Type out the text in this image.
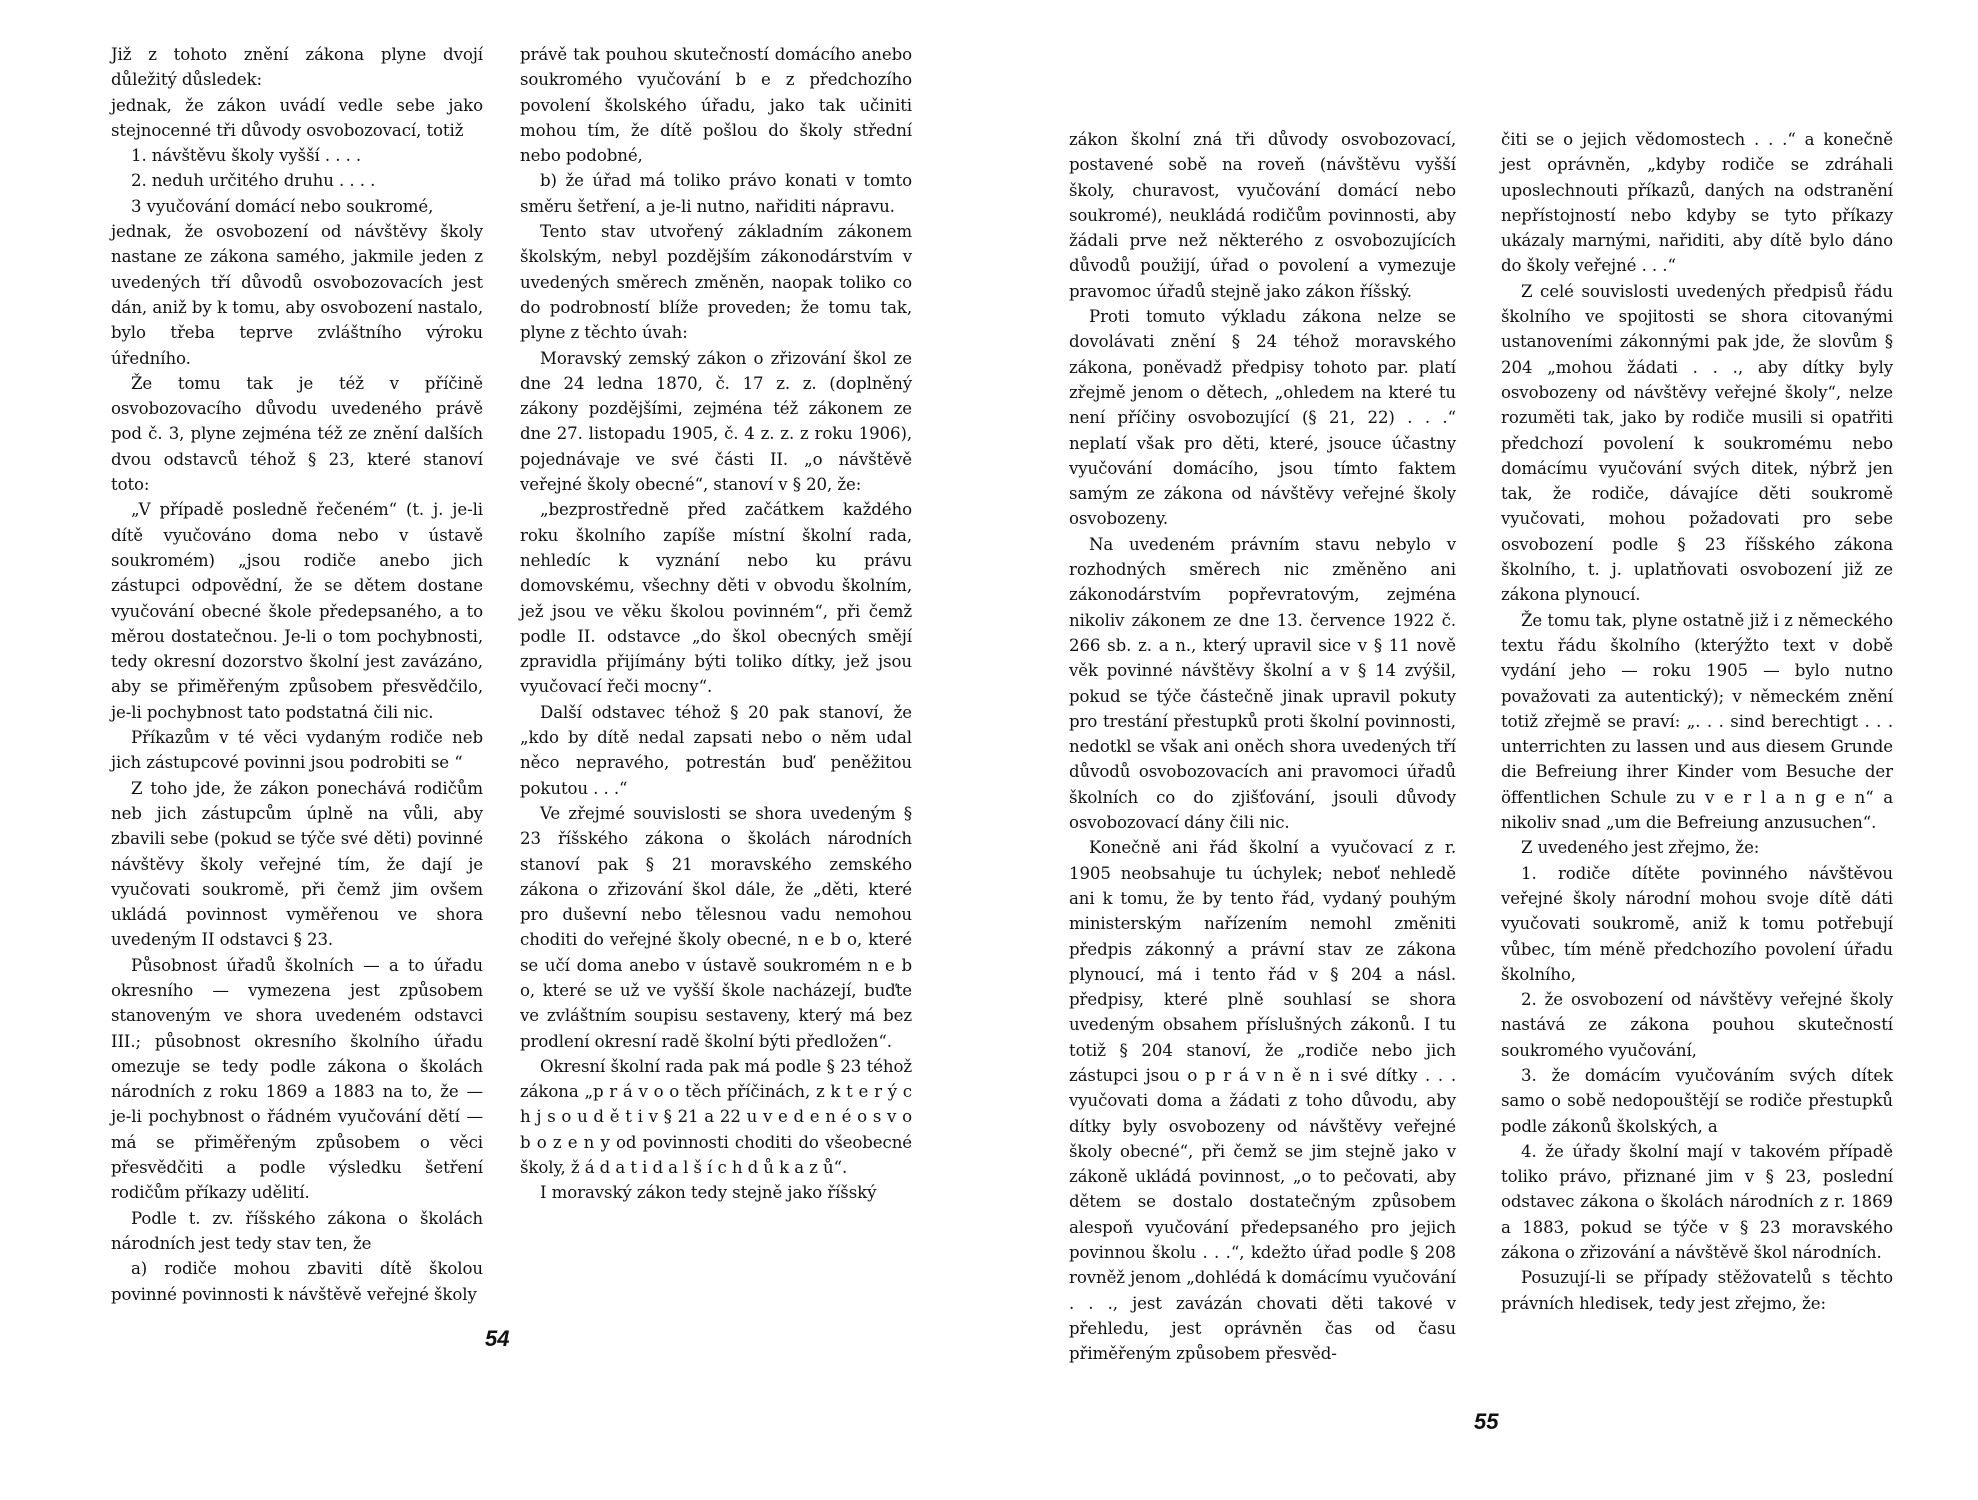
Již z tohoto znění zákona plyne dvojí důležitý důsledek:

jednak, že zákon uvádí vedle sebe jako stejnocenné tři důvody osvobozovací, totiž

1. návštěvu školy vyšší . . . .

2. neduh určitého druhu . . . .

3 vyučování domácí nebo soukromé,

jednak, že osvobození od návštěvy školy nastane ze zákona samého, jakmile jeden z uvedených tří důvodů osvobozovacích jest dán, aniž by k tomu, aby osvobození nastalo, bylo třeba teprve zvláštního výroku úředního.

Že tomu tak je též v příčině osvobozovacího důvodu uvedeného právě pod č. 3, plyne zejména též ze znění dalších dvou odstavců téhož § 23, které stanoví toto:

„V případě posledně řečeném“ (t. j. je-li dítě vyučováno doma nebo v ústavě soukromém) „jsou rodiče anebo jich zástupci odpovědní, že se dětem dostane vyučování obecné škole předepsaného, a to měrou dostatečnou. Je-li o tom pochybnosti, tedy okresní dozorstvo školní jest zavázáno, aby se přiměřeným způsobem přesvědčilo, je-li pochybnost tato podstatná čili nic.

Příkazům v té věci vydaným rodiče neb jich zástupcové povinni jsou podrobiti se “

Z toho jde, že zákon ponechává rodičům neb jich zástupcům úplně na vůli, aby zbavili sebe (pokud se týče své děti) povinné návštěvy školy veřejné tím, že dají je vyučovati soukromě, při čemž jim ovšem ukládá povinnost vyměřenou ve shora uvedeným II odstavci § 23.

Působnost úřadů školních — a to úřadu okresního — vymezena jest způsobem stanoveným ve shora uvedeném odstavci III.; působnost okresního školního úřadu omezuje se tedy podle zákona o školách národních z roku 1869 a 1883 na to, že — je-li pochybnost o řádném vyučování dětí — má se přiměřeným způsobem o věci přesvědčiti a podle výsledku šetření rodičům příkazy udělití.

Podle t. zv. říšského zákona o školách národních jest tedy stav ten, že

a) rodiče mohou zbaviti dítě školou povinné povinnosti k návštěvě veřejné školy

právě tak pouhou skutečností domácího anebo soukromého vyučování b e z předchozího povolení školského úřadu, jako tak učiniti mohou tím, že dítě pošlou do školy střední nebo podobné,

b) že úřad má toliko právo konati v tomto směru šetření, a je-li nutno, nařiditi nápravu.

Tento stav utvořený základním zákonem školským, nebyl pozdějším zákonodárstvím v uvedených směrech změněn, naopak toliko co do podrobností blíže proveden; že tomu tak, plyne z těchto úvah:

Moravský zemský zákon o zřizování škol ze dne 24 ledna 1870, č. 17 z. z. (doplněný zákony pozdějšími, zejména též zákonem ze dne 27. listopadu 1905, č. 4 z. z. z roku 1906), pojednávaje ve své části II. „o návštěvě veřejné školy obecné“, stanoví v § 20, že:

„bezprostředně před začátkem každého roku školního zapíše místní školní rada, nehledíc k vyznání nebo ku právu domovskému, všechny děti v obvodu školním, jež jsou ve věku školou povinném“, při čemž podle II. odstavce „do škol obecných smějí zpravidla přijímány býti toliko dítky, jež jsou vyučovací řeči mocny“.

Další odstavec téhož § 20 pak stanoví, že „kdo by dítě nedal zapsati nebo o něm udal něco nepravého, potrestán buď peněžitou pokutou . . .“

Ve zřejmé souvislosti se shora uvedeným § 23 říšského zákona o školách národních stanoví pak § 21 moravského zemského zákona o zřizování škol dále, že „děti, které pro duševní nebo tělesnou vadu nemohou choditi do veřejné školy obecné, n e b o, které se učí doma anebo v ústavě soukromém n e b o, které se už ve vyšší škole nacházejí, buďte ve zvláštním soupisu sestaveny, který má bez prodlení okresní radě školní býti předložen“.

Okresní školní rada pak má podle § 23 téhož zákona „p r á v o o těch příčinách, z k t e r ý c h j s o u d ě t i v § 21 a 22 u v e d e n é o s v o b o z e n y od povinnosti choditi do všeobecné školy, ž á d a t i d a l š í c h d ů k a z ů“.

I moravský zákon tedy stejně jako říšský

54

zákon školní zná tři důvody osvobozovací, postavené sobě na roveň (návštěvu vyšší školy, churavost, vyučování domácí nebo soukromé), neukládá rodičům povinnosti, aby žádali prve než některého z osvobozujících důvodů použijí, úřad o povolení a vymezuje pravomoc úřadů stejně jako zákon říšský.

Proti tomuto výkladu zákona nelze se dovolávati znění § 24 téhož moravského zákona, poněvadž předpisy tohoto par. platí zřejmě jenom o dětech, „ohledem na které tu není příčiny osvobozující (§ 21, 22) . . .“ neplatí však pro děti, které, jsouce účastny vyučování domácího, jsou tímto faktem samým ze zákona od návštěvy veřejné školy osvobozeny.

Na uvedeném právním stavu nebylo v rozhodných směrech nic změněno ani zákonodárstvím popřevratovým, zejména nikoliv zákonem ze dne 13. července 1922 č. 266 sb. z. a n., který upravil sice v § 11 nově věk povinné návštěvy školní a v § 14 zvýšil, pokud se týče částečně jinak upravil pokuty pro trestání přestupků proti školní povinnosti, nedotkl se však ani oněch shora uvedených tří důvodů osvobozovacích ani pravomoci úřadů školních co do zjišťování, jsouli důvody osvobozovací dány čili nic.

Konečně ani řád školní a vyučovací z r. 1905 neobsahuje tu úchylek; neboť nehledě ani k tomu, že by tento řád, vydaný pouhým ministerským nařízením nemohl změniti předpis zákonný a právní stav ze zákona plynoucí, má i tento řád v § 204 a násl. předpisy, které plně souhlasí se shora uvedeným obsahem příslušných zákonů. I tu totiž § 204 stanoví, že „rodiče nebo jich zástupci jsou o p r á v n ě n i své dítky . . . vyučovati doma a žádati z toho důvodu, aby dítky byly osvobozeny od návštěvy veřejné školy obecné“, při čemž se jim stejně jako v zákoně ukládá povinnost, „o to pečovati, aby dětem se dostalo dostatečným způsobem alespoň vyučování předepsaného pro jejich povinnou školu . . .“, kdežto úřad podle § 208 rovněž jenom „dohlédá k domácímu vyučování . . ., jest zavázán chovati děti takové v přehledu, jest oprávněn čas od času přiměřeným způsobem přesvěd-

čiti se o jejich vědomostech . . .“ a konečně jest oprávněn, „kdyby rodiče se zdráhali uposlechnouti příkazů, daných na odstranění nepřístojností nebo kdyby se tyto příkazy ukázaly marnými, nařiditi, aby dítě bylo dáno do školy veřejné . . .“

Z celé souvislosti uvedených předpisů řádu školního ve spojitosti se shora citovanými ustanoveními zákonnými pak jde, že slovům § 204 „mohou žádati . . ., aby dítky byly osvobozeny od návštěvy veřejné školy“, nelze rozuměti tak, jako by rodiče musili si opatřiti předchozí povolení k soukromému nebo domácímu vyučování svých ditek, nýbrž jen tak, že rodiče, dávajíce děti soukromě vyučovati, mohou požadovati pro sebe osvobození podle § 23 říšského zákona školního, t. j. uplatňovati osvobození již ze zákona plynoucí.

Že tomu tak, plyne ostatně již i z německého textu řádu školního (kterýžto text v době vydání jeho — roku 1905 — bylo nutno považovati za autentický); v německém znění totiž zřejmě se praví: „. . . sind berechtigt . . . unterrichten zu lassen und aus diesem Grunde die Befreiung ihrer Kinder vom Besuche der öffentlichen Schule zu v e r l a n g e n“ a nikoliv snad „um die Befreiung anzusuchen“.

Z uvedeného jest zřejmo, že:

1. rodiče dítěte povinného návštěvou veřejné školy národní mohou svoje dítě dáti vyučovati soukromě, aniž k tomu potřebují vůbec, tím méně předchozího povolení úřadu školního,

2. že osvobození od návštěvy veřejné školy nastává ze zákona pouhou skutečností soukromého vyučování,

3. že domácím vyučováním svých dítek samo o sobě nedopouštějí se rodiče přestupků podle zákonů školských, a

4. že úřady školní mají v takovém případě toliko právo, přiznané jim v § 23, poslední odstavec zákona o školách národních z r. 1869 a 1883, pokud se týče v § 23 moravského zákona o zřizování a návštěvě škol národních.

Posuzují-li se případy stěžovatelů s těchto právních hledisek, tedy jest zřejmo, že:

55
